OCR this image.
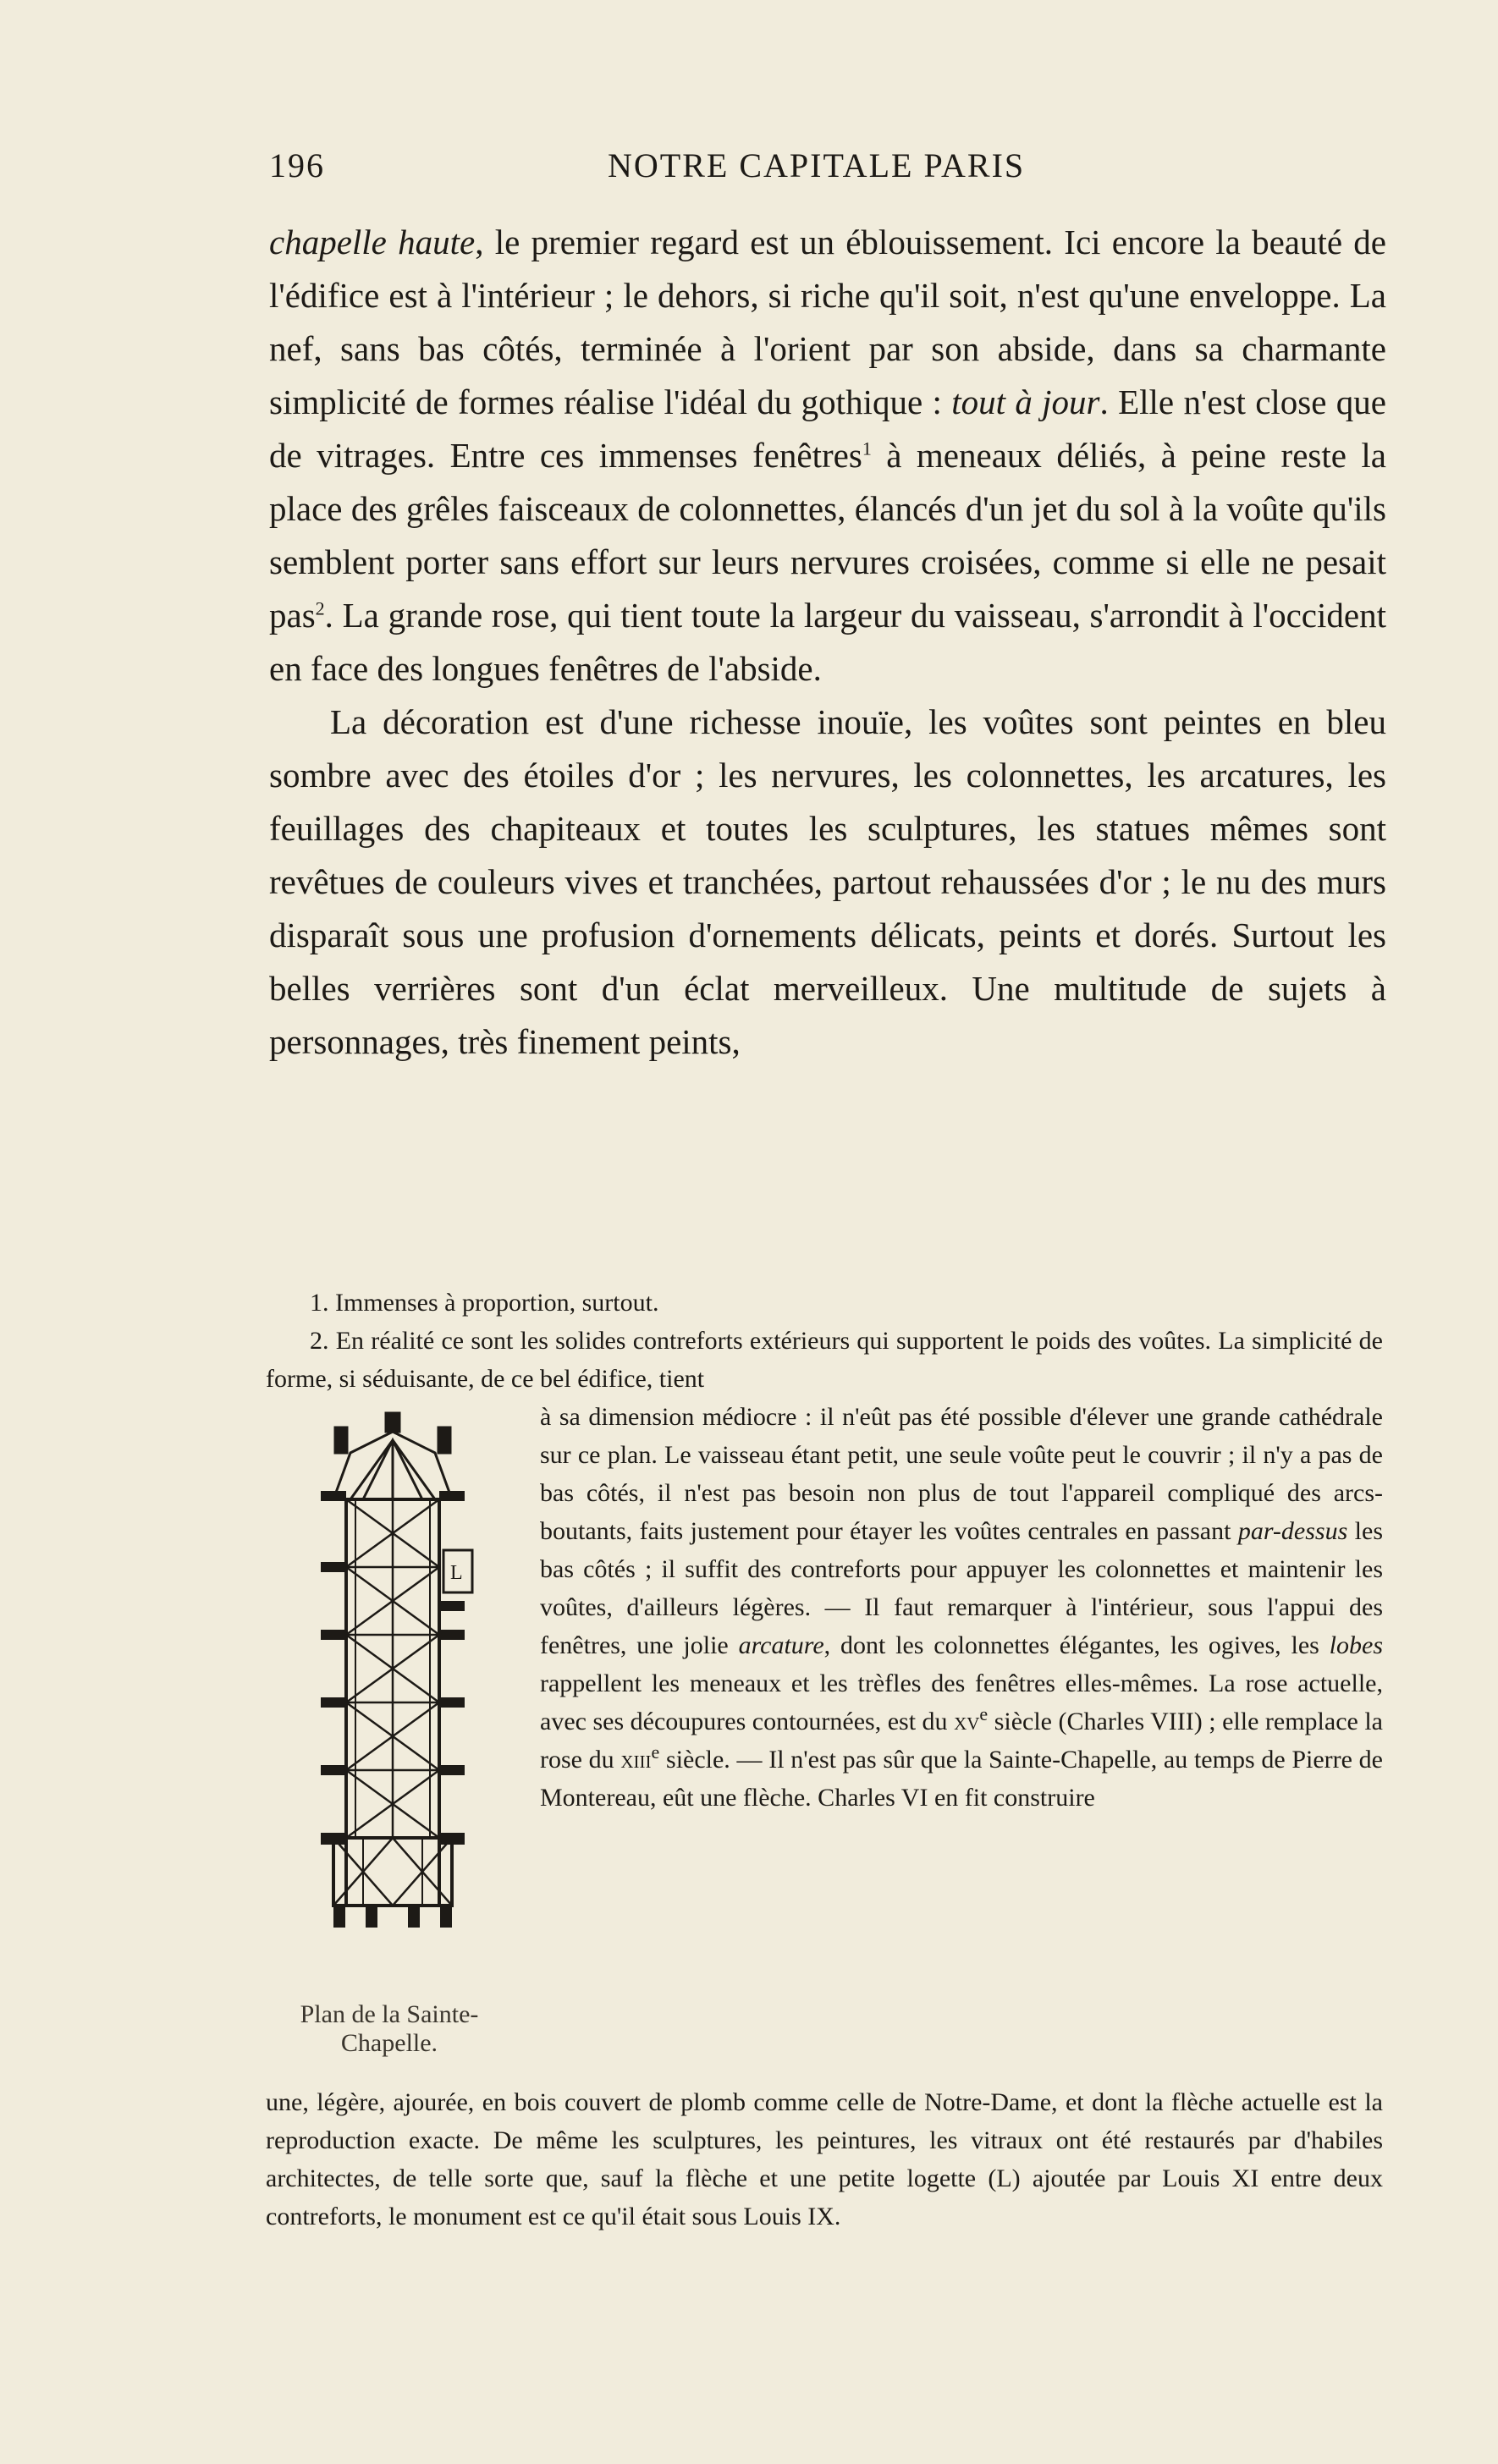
196	NOTRE CAPITALE PARIS

chapelle haute, le premier regard est un éblouissement. Ici encore la beauté de l'édifice est à l'intérieur ; le dehors, si riche qu'il soit, n'est qu'une enveloppe. La nef, sans bas côtés, terminée à l'orient par son abside, dans sa charmante simplicité de formes réalise l'idéal du gothique : tout à jour. Elle n'est close que de vitrages. Entre ces immenses fenêtres$^1$ à meneaux déliés, à peine reste la place des grêles faisceaux de colonnettes, élancés d'un jet du sol à la voûte qu'ils semblent porter sans effort sur leurs nervures croisées, comme si elle ne pesait pas$^2$. La grande rose, qui tient toute la largeur du vaisseau, s'arrondit à l'occident en face des longues fenêtres de l'abside.

La décoration est d'une richesse inouïe, les voûtes sont peintes en bleu sombre avec des étoiles d'or ; les nervures, les colonnettes, les arcatures, les feuillages des chapiteaux et toutes les sculptures, les statues mêmes sont revêtues de couleurs vives et tranchées, partout rehaussées d'or ; le nu des murs disparaît sous une profusion d'ornements délicats, peints et dorés. Surtout les belles verrières sont d'un éclat merveilleux. Une multitude de sujets à personnages, très finement peints,

1. Immenses à proportion, surtout.

2. En réalité ce sont les solides contreforts extérieurs qui supportent le poids des voûtes. La simplicité de forme, si séduisante, de ce bel édifice, tient

L
Plan de la Sainte-
Chapelle.

à sa dimension médiocre : il n'eût pas été possible d'élever une grande cathédrale sur ce plan. Le vaisseau étant petit, une seule voûte peut le couvrir ; il n'y a pas de bas côtés, il n'est pas besoin non plus de tout l'appareil compliqué des arcs-boutants, faits justement pour étayer les voûtes centrales en passant par-dessus les bas côtés ; il suffit des contreforts pour appuyer les colonnettes et maintenir les voûtes, d'ailleurs légères. — Il faut remarquer à l'intérieur, sous l'appui des fenêtres, une jolie arcature, dont les colonnettes élégantes, les ogives, les lobes rappellent les meneaux et les trèfles des fenêtres elles-mêmes. La rose actuelle, avec ses découpures contournées, est du $xv^e$ siècle (Charles VIII) ; elle remplace la rose du xiii$^e$ siècle. — Il n'est pas sûr que la Sainte-Chapelle, au temps de Pierre de Montereau, eût une flèche. Charles VI en fit construire

une, légère, ajourée, en bois couvert de plomb comme celle de Notre-Dame, et dont la flèche actuelle est la reproduction exacte. De même les sculptures, les peintures, les vitraux ont été restaurés par d'habiles architectes, de telle sorte que, sauf la flèche et une petite logette (L) ajoutée par Louis XI entre deux contreforts, le monument est ce qu'il était sous Louis IX.
